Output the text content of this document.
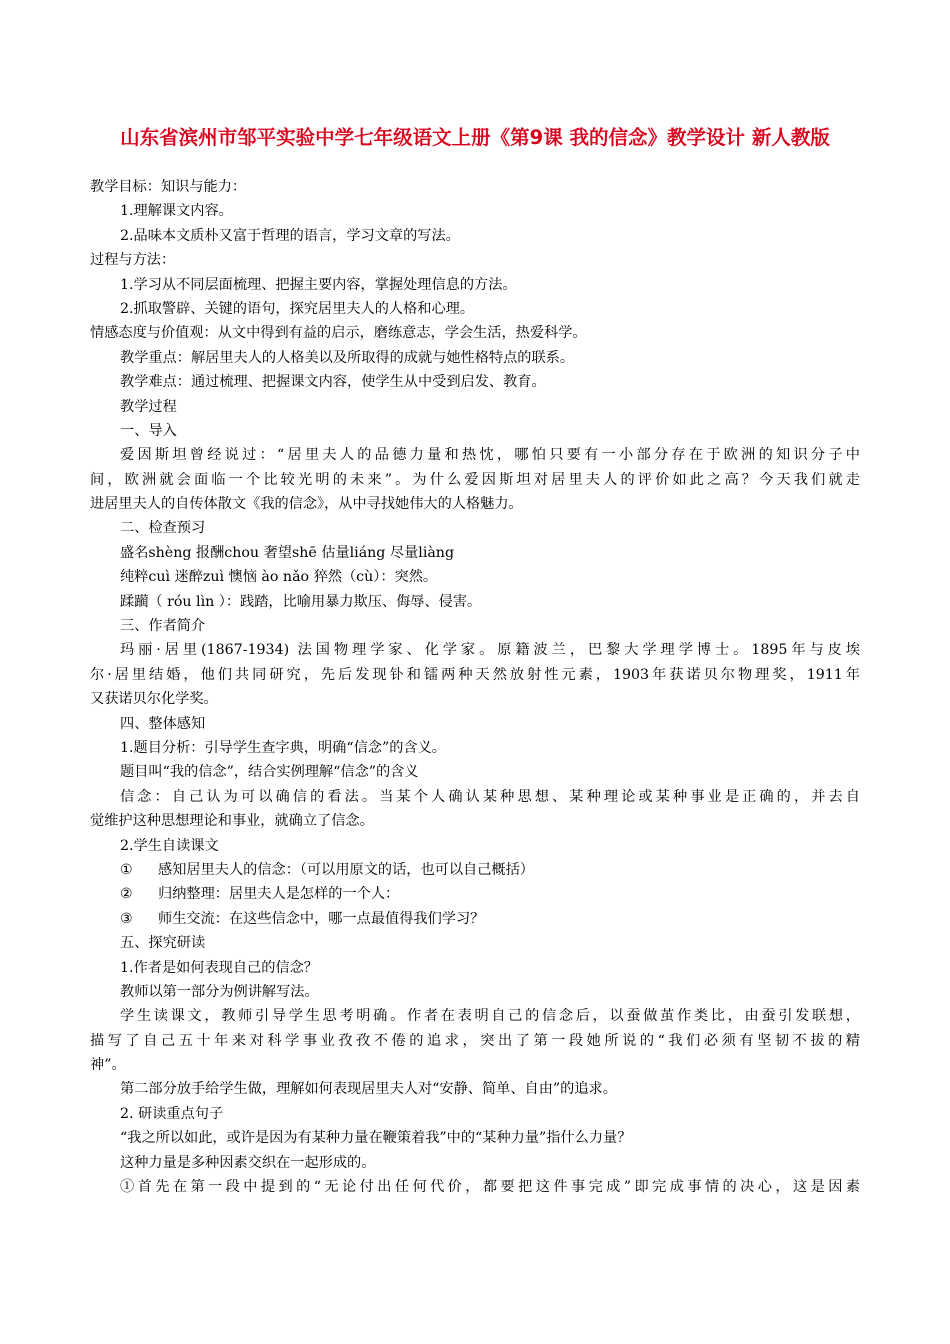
山东省滨州市邹平实验中学七年级语文上册《第9课 我的信念》教学设计 新人教版
教学目标：知识与能力：
1.理解课文内容。
2.品味本文质朴又富于哲理的语言，学习文章的写法。
过程与方法：
1.学习从不同层面梳理、把握主要内容，掌握处理信息的方法。
2.抓取警辟、关键的语句，探究居里夫人的人格和心理。
情感态度与价值观：从文中得到有益的启示，磨练意志，学会生活，热爱科学。
教学重点：解居里夫人的人格美以及所取得的成就与她性格特点的联系。
教学难点：通过梳理、把握课文内容，使学生从中受到启发、教育。
教学过程
一、导入
爱因斯坦曾经说过：“居里夫人的品德力量和热忱，哪怕只要有一小部分存在于欧洲的知识分子中
间，欧洲就会面临一个比较光明的未来”。为什么爱因斯坦对居里夫人的评价如此之高？今天我们就走
进居里夫人的自传体散文《我的信念》，从中寻找她伟大的人格魅力。
二、检查预习
盛名shèng 报酬chou 奢望shē 估量liáng 尽量liàng
纯粹cuì 迷醉zuì 懊恼 ào nǎo 猝然（cù）：突然。
蹂躏（ róu lìn ）：践踏，比喻用暴力欺压、侮辱、侵害。
三、作者简介
玛丽·居里(1867-1934) 法国物理学家、化学家。原籍波兰，巴黎大学理学博士。1895年与皮埃
尔·居里结婚，他们共同研究，先后发现钋和镭两种天然放射性元素，1903年获诺贝尔物理奖，1911年
又获诺贝尔化学奖。
四、整体感知
1.题目分析：引导学生查字典，明确“信念”的含义。
题目叫“我的信念”，结合实例理解“信念”的含义
信念：自己认为可以确信的看法。当某个人确认某种思想、某种理论或某种事业是正确的，并去自
觉维护这种思想理论和事业，就确立了信念。
2.学生自读课文
① 感知居里夫人的信念：（可以用原文的话，也可以自己概括）
② 归纳整理：居里夫人是怎样的一个人：
③ 师生交流：在这些信念中，哪一点最值得我们学习？
五、探究研读
1.作者是如何表现自己的信念？
教师以第一部分为例讲解写法。
学生读课文，教师引导学生思考明确。作者在表明自己的信念后，以蚕做茧作类比，由蚕引发联想，
描写了自己五十年来对科学事业孜孜不倦的追求，突出了第一段她所说的“我们必须有坚韧不拔的精
神”。
第二部分放手给学生做，理解如何表现居里夫人对“安静、简单、自由”的追求。
2. 研读重点句子
“我之所以如此，或许是因为有某种力量在鞭策着我”中的“某种力量”指什么力量？
这种力量是多种因素交织在一起形成的。
①首先在第一段中提到的“无论付出任何代价，都要把这件事完成”即完成事情的决心，这是因素
